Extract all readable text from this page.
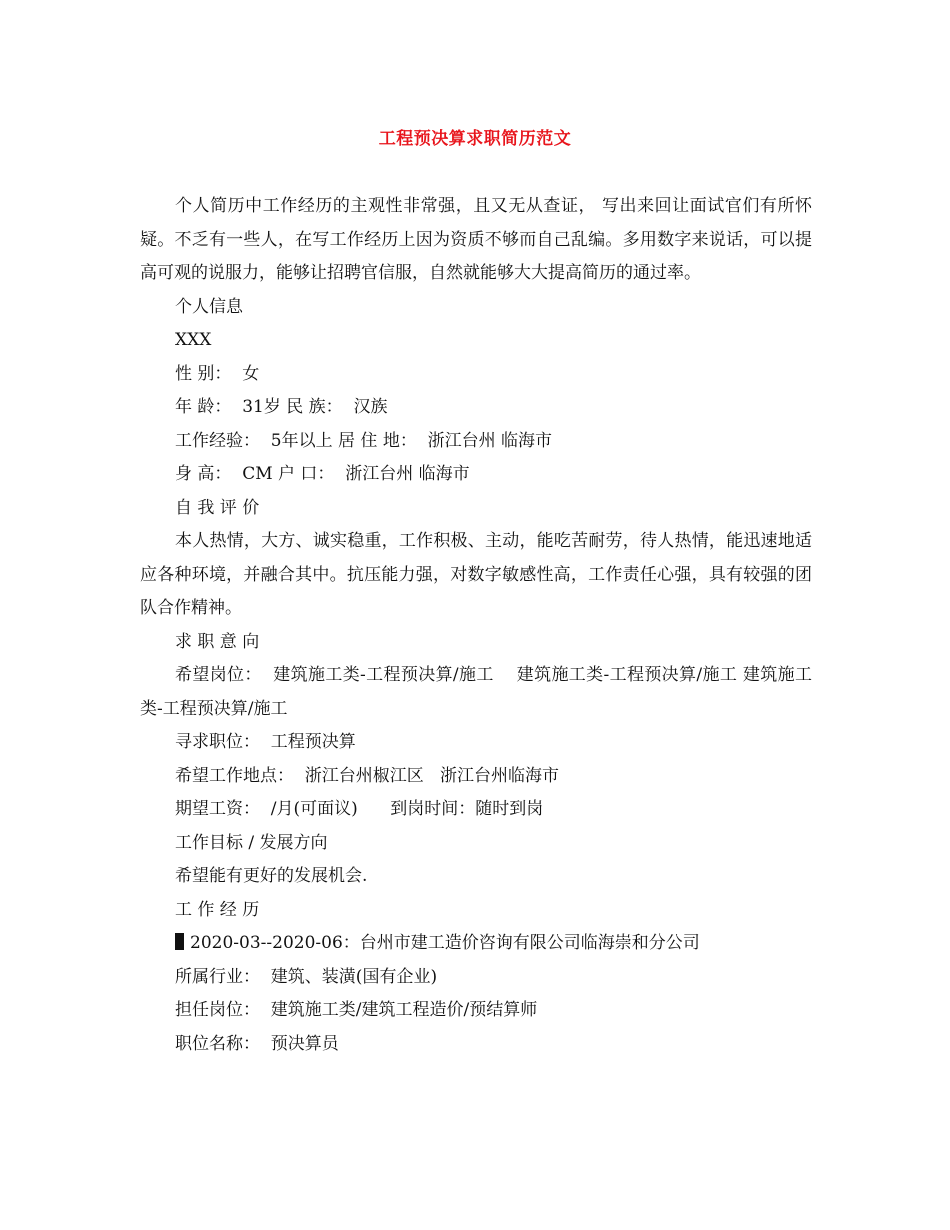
工程预决算求职简历范文

个人简历中工作经历的主观性非常强，且又无从查证， 写出来回让面试官们有所怀疑。不乏有一些人，在写工作经历上因为资质不够而自己乱编。多用数字来说话，可以提高可观的说服力，能够让招聘官信服，自然就能够大大提高简历的通过率。

个人信息

XXX

性 别：  女

年 龄：  31岁 民 族：  汉族

工作经验：  5年以上 居 住 地：  浙江台州 临海市

身 高：  CM 户 口：  浙江台州 临海市

自 我 评 价

本人热情，大方、诚实稳重，工作积极、主动，能吃苦耐劳，待人热情，能迅速地适应各种环境，并融合其中。抗压能力强，对数字敏感性高，工作责任心强，具有较强的团队合作精神。

求 职 意 向

希望岗位：  建筑施工类-工程预决算/施工    建筑施工类-工程预决算/施工 建筑施工类-工程预决算/施工

寻求职位：  工程预决算

希望工作地点：  浙江台州椒江区   浙江台州临海市

期望工资：  /月(可面议)      到岗时间：随时到岗

工作目标 / 发展方向

希望能有更好的发展机会.

工 作 经 历

2020-03--2020-06：台州市建工造价咨询有限公司临海崇和分公司

所属行业：  建筑、装潢(国有企业)

担任岗位：  建筑施工类/建筑工程造价/预结算师

职位名称：  预决算员
